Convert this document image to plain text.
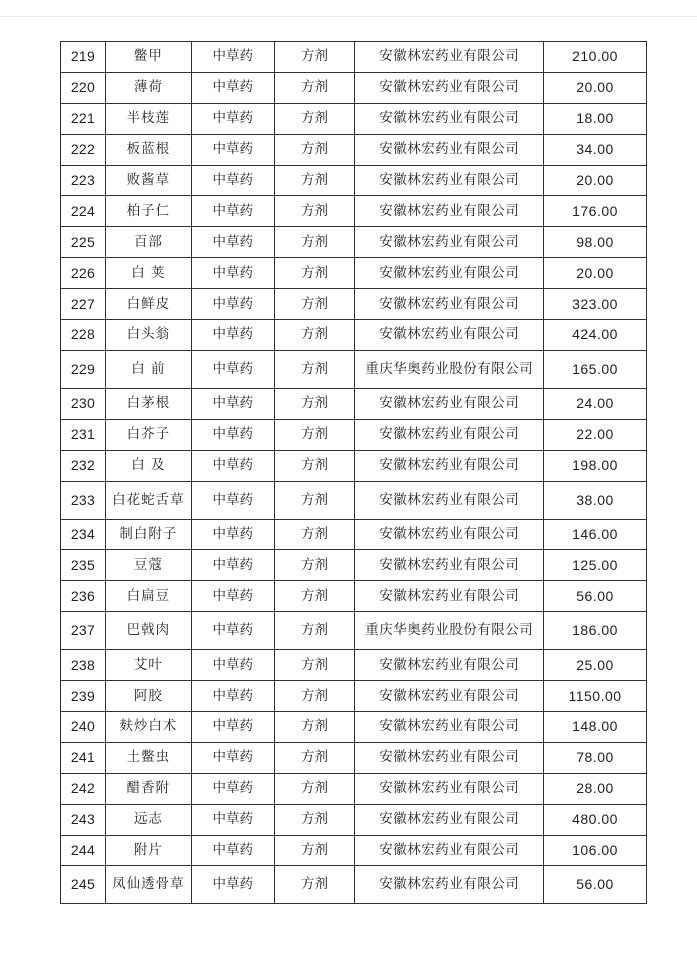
219	鳖甲	中草药	方剂	安徽林宏药业有限公司	210.00
220	薄荷	中草药	方剂	安徽林宏药业有限公司	20.00
221	半枝莲	中草药	方剂	安徽林宏药业有限公司	18.00
222	板蓝根	中草药	方剂	安徽林宏药业有限公司	34.00
223	败酱草	中草药	方剂	安徽林宏药业有限公司	20.00
224	柏子仁	中草药	方剂	安徽林宏药业有限公司	176.00
225	百部	中草药	方剂	安徽林宏药业有限公司	98.00
226	白 荚	中草药	方剂	安徽林宏药业有限公司	20.00
227	白鲜皮	中草药	方剂	安徽林宏药业有限公司	323.00
228	白头翁	中草药	方剂	安徽林宏药业有限公司	424.00
229	白 前	中草药	方剂	重庆华奥药业股份有限公司	165.00
230	白茅根	中草药	方剂	安徽林宏药业有限公司	24.00
231	白芥子	中草药	方剂	安徽林宏药业有限公司	22.00
232	白 及	中草药	方剂	安徽林宏药业有限公司	198.00
233	白花蛇舌草	中草药	方剂	安徽林宏药业有限公司	38.00
234	制白附子	中草药	方剂	安徽林宏药业有限公司	146.00
235	豆蔻	中草药	方剂	安徽林宏药业有限公司	125.00
236	白扁豆	中草药	方剂	安徽林宏药业有限公司	56.00
237	巴戟肉	中草药	方剂	重庆华奥药业股份有限公司	186.00
238	艾叶	中草药	方剂	安徽林宏药业有限公司	25.00
239	阿胶	中草药	方剂	安徽林宏药业有限公司	1150.00
240	麸炒白术	中草药	方剂	安徽林宏药业有限公司	148.00
241	土鳖虫	中草药	方剂	安徽林宏药业有限公司	78.00
242	醋香附	中草药	方剂	安徽林宏药业有限公司	28.00
243	远志	中草药	方剂	安徽林宏药业有限公司	480.00
244	附片	中草药	方剂	安徽林宏药业有限公司	106.00
245	凤仙透骨草	中草药	方剂	安徽林宏药业有限公司	56.00
